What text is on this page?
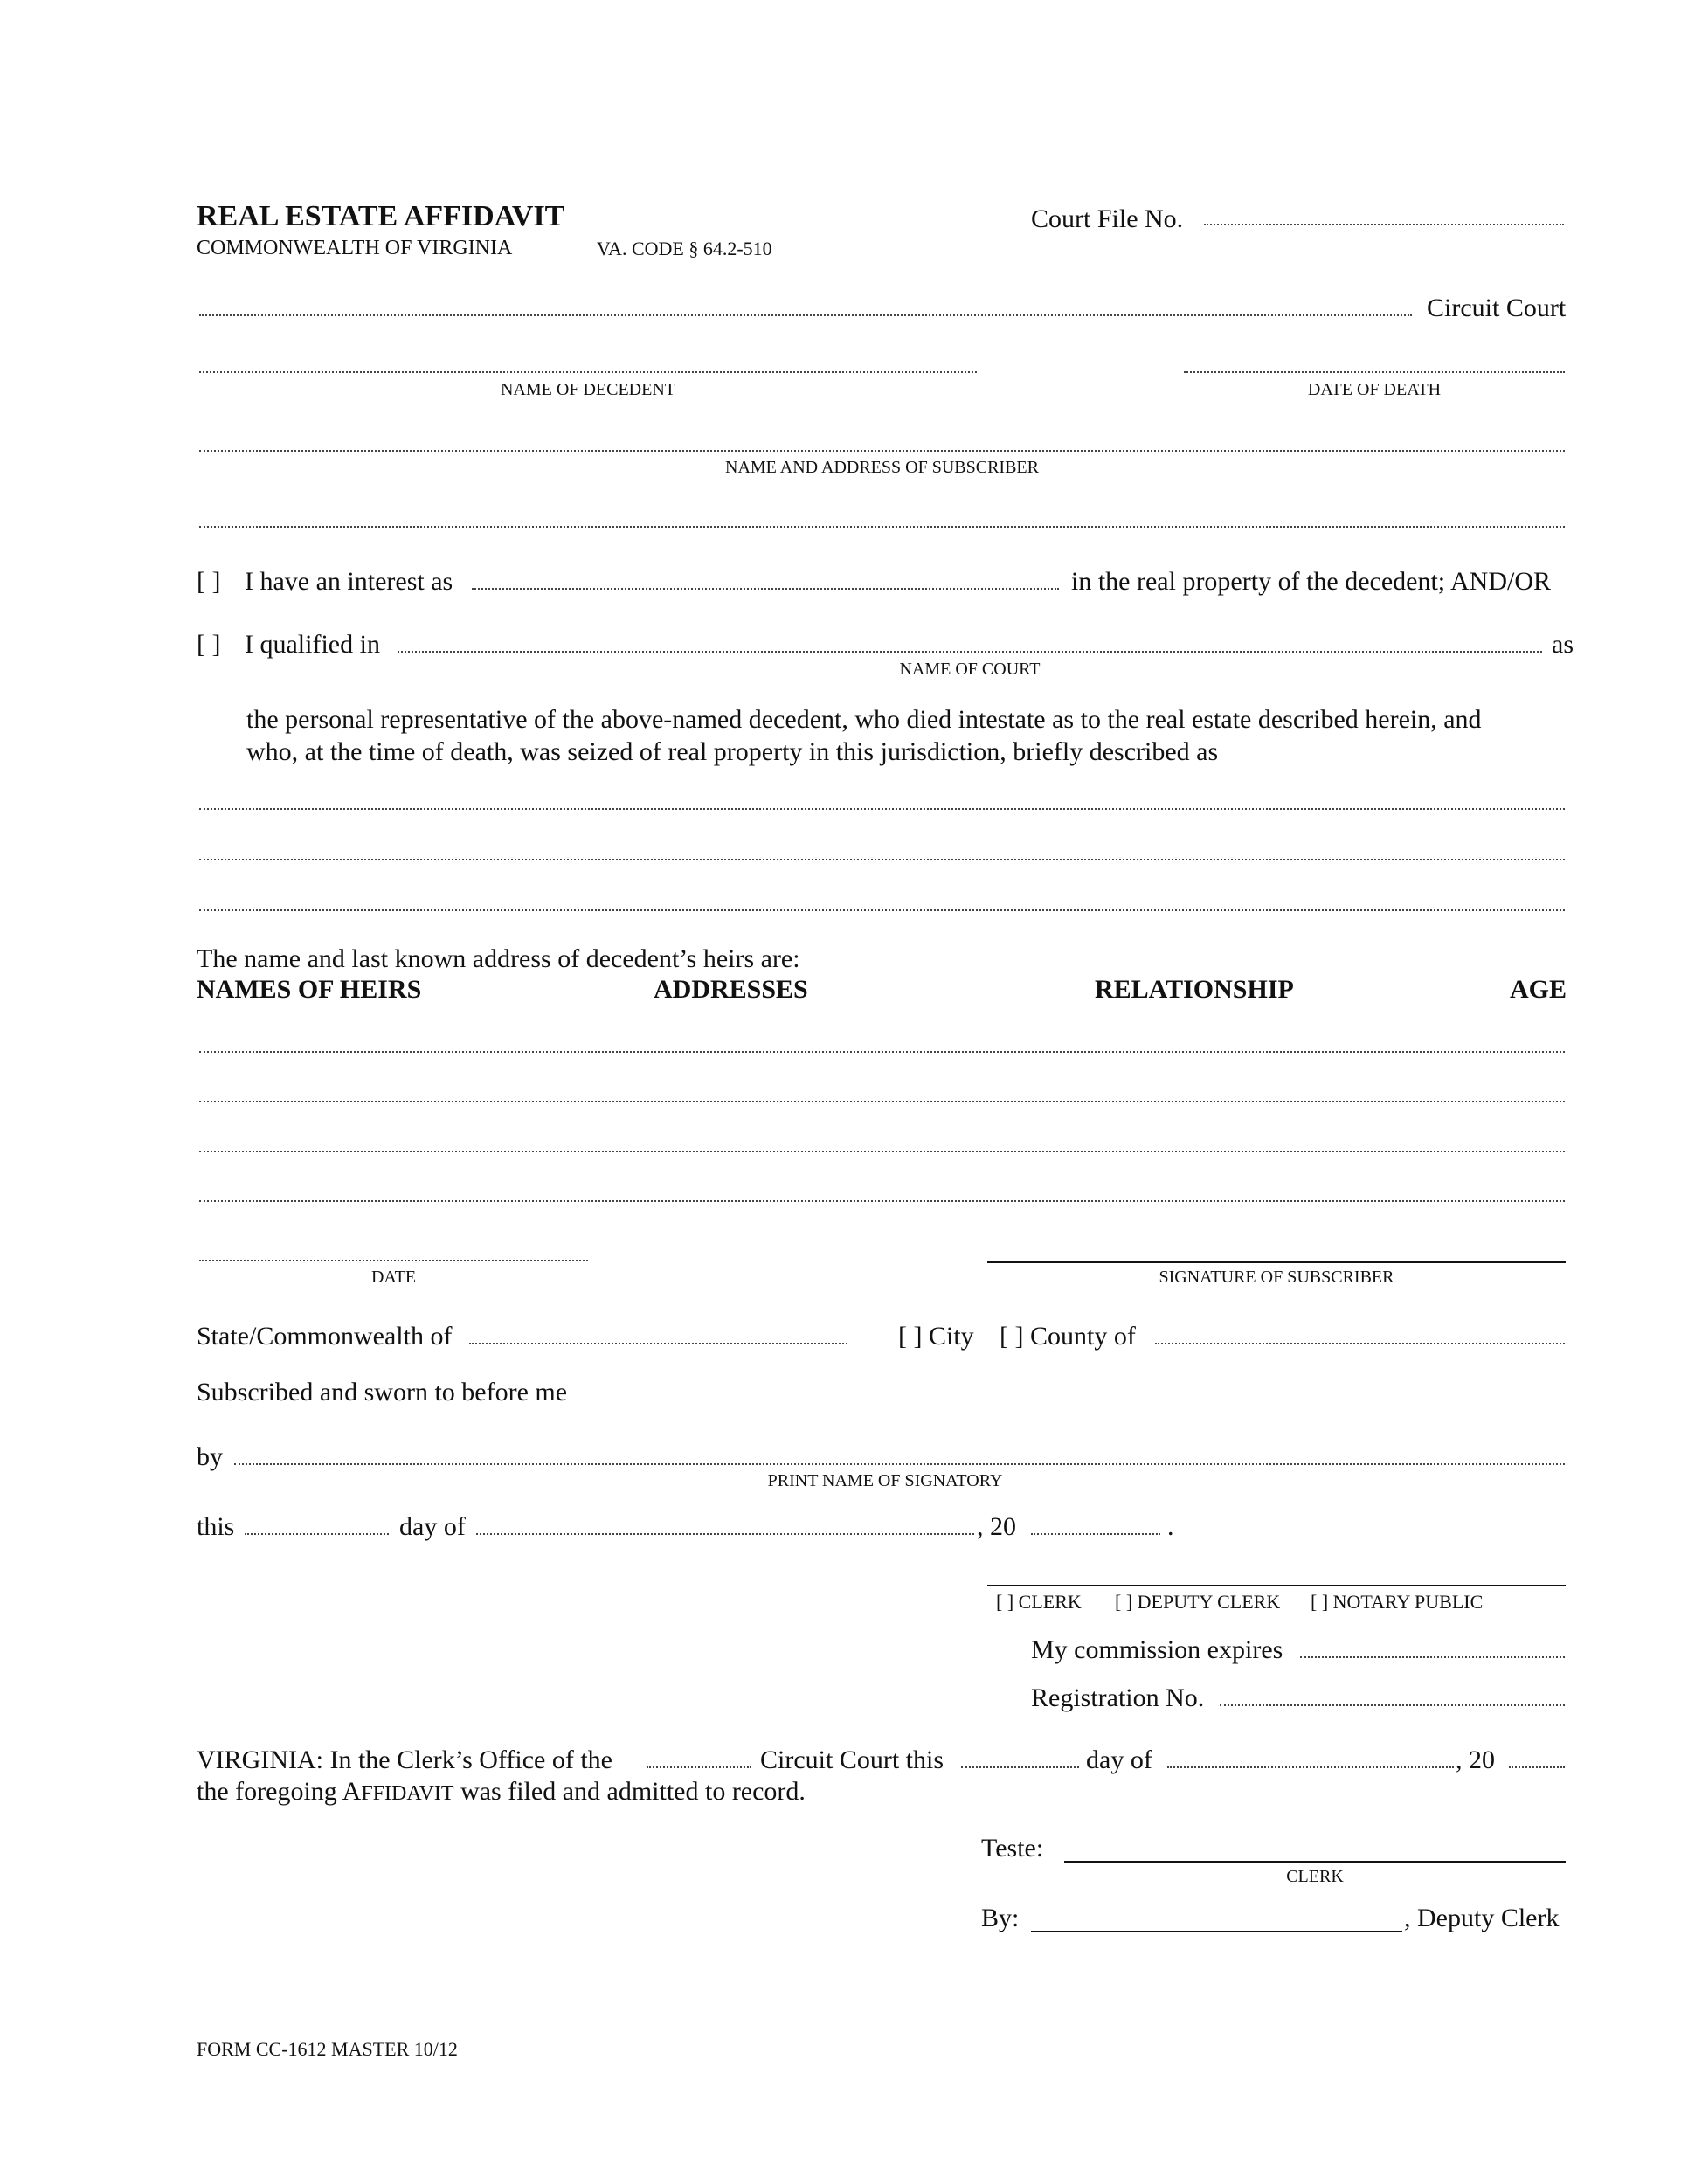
REAL ESTATE AFFIDAVIT
COMMONWEALTH OF VIRGINIA	VA. CODE § 64.2-510
Court File No.
Circuit Court
NAME OF DECEDENT	DATE OF DEATH
NAME AND ADDRESS OF SUBSCRIBER
[ ] I have an interest as	in the real property of the decedent; AND/OR
[ ] I qualified in	as
NAME OF COURT
the personal representative of the above-named decedent, who died intestate as to the real estate described herein, and
who, at the time of death, was seized of real property in this jurisdiction, briefly described as
The name and last known address of decedent’s heirs are:
NAMES OF HEIRS	ADDRESSES	RELATIONSHIP	AGE
DATE	SIGNATURE OF SUBSCRIBER
State/Commonwealth of	[ ] City [ ] County of
Subscribed and sworn to before me
by
PRINT NAME OF SIGNATORY
this	day of	, 20	.
[ ] CLERK [ ] DEPUTY CLERK [ ] NOTARY PUBLIC
My commission expires
Registration No.
VIRGINIA: In the Clerk’s Office of the	Circuit Court this	day of	, 20
the foregoing AFFIDAVIT was filed and admitted to record.
Teste:
CLERK
By:	, Deputy Clerk
FORM CC-1612 MASTER 10/12
